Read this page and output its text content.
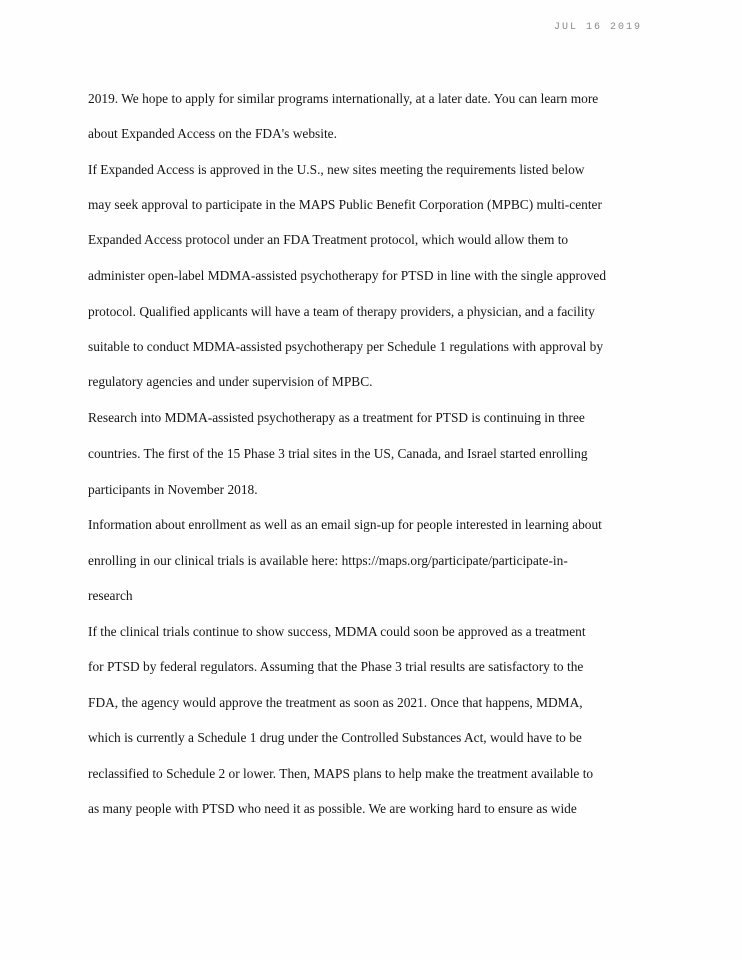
JUL 16 2019
2019. We hope to apply for similar programs internationally, at a later date. You can learn more
about Expanded Access on the FDA's website.
If Expanded Access is approved in the U.S., new sites meeting the requirements listed below
may seek approval to participate in the MAPS Public Benefit Corporation (MPBC) multi-center
Expanded Access protocol under an FDA Treatment protocol, which would allow them to
administer open-label MDMA-assisted psychotherapy for PTSD in line with the single approved
protocol. Qualified applicants will have a team of therapy providers, a physician, and a facility
suitable to conduct MDMA-assisted psychotherapy per Schedule 1 regulations with approval by
regulatory agencies and under supervision of MPBC.
Research into MDMA-assisted psychotherapy as a treatment for PTSD is continuing in three
countries. The first of the 15 Phase 3 trial sites in the US, Canada, and Israel started enrolling
participants in November 2018.
Information about enrollment as well as an email sign-up for people interested in learning about
enrolling in our clinical trials is available here: https://maps.org/participate/participate-in-
research
If the clinical trials continue to show success, MDMA could soon be approved as a treatment
for PTSD by federal regulators. Assuming that the Phase 3 trial results are satisfactory to the
FDA, the agency would approve the treatment as soon as 2021. Once that happens, MDMA,
which is currently a Schedule 1 drug under the Controlled Substances Act, would have to be
reclassified to Schedule 2 or lower. Then, MAPS plans to help make the treatment available to
as many people with PTSD who need it as possible. We are working hard to ensure as wide
